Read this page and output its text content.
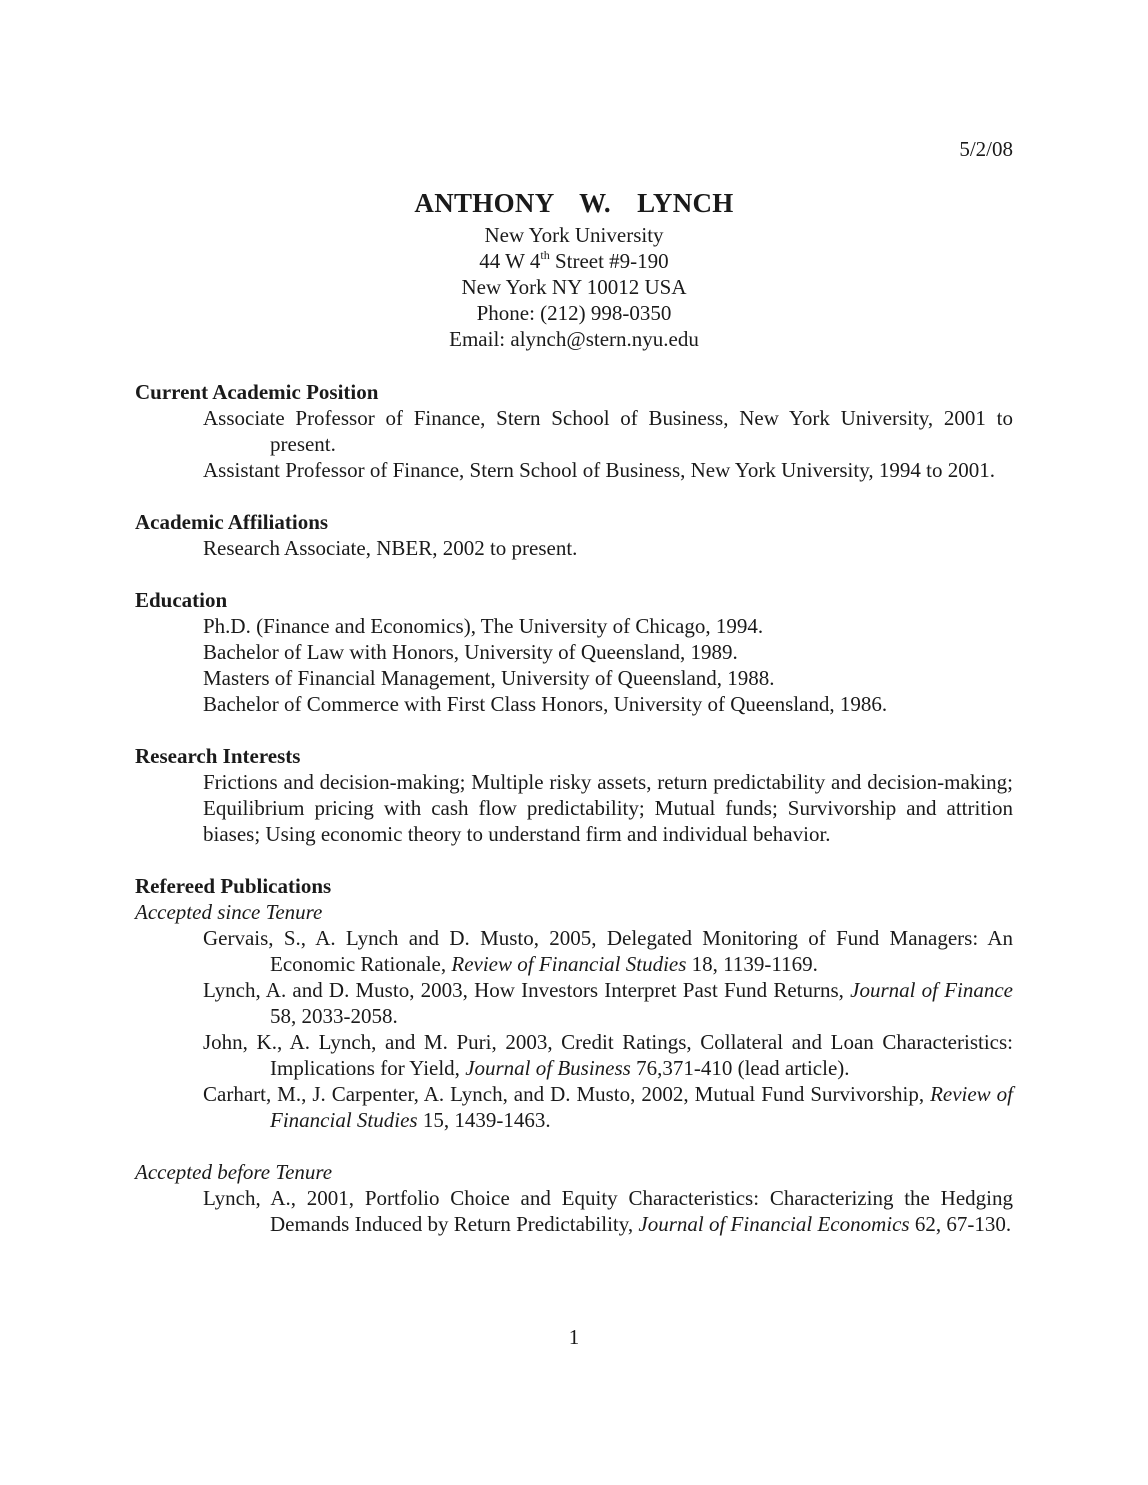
5/2/08

ANTHONY  W.  LYNCH

New York University

44 W 4th Street #9-190

New York NY 10012 USA

Phone: (212) 998-0350

Email: alynch@stern.nyu.edu

Current Academic Position

Associate Professor of Finance, Stern School of Business, New York University, 2001 to present.

Assistant Professor of Finance, Stern School of Business, New York University, 1994 to 2001.

Academic Affiliations

Research Associate, NBER, 2002 to present.

Education

Ph.D. (Finance and Economics), The University of Chicago, 1994.

Bachelor of Law with Honors, University of Queensland, 1989.

Masters of Financial Management, University of Queensland, 1988.

Bachelor of Commerce with First Class Honors, University of Queensland, 1986.

Research Interests

Frictions and decision-making; Multiple risky assets, return predictability and decision-making; Equilibrium pricing with cash flow predictability; Mutual funds; Survivorship and attrition biases; Using economic theory to understand firm and individual behavior.

Refereed Publications

Accepted since Tenure

Gervais, S., A. Lynch and D. Musto, 2005, Delegated Monitoring of Fund Managers: An Economic Rationale, Review of Financial Studies 18, 1139-1169.

Lynch, A. and D. Musto, 2003, How Investors Interpret Past Fund Returns, Journal of Finance 58, 2033-2058.

John, K., A. Lynch, and M. Puri, 2003, Credit Ratings, Collateral and Loan Characteristics: Implications for Yield, Journal of Business 76,371-410 (lead article).

Carhart, M., J. Carpenter, A. Lynch, and D. Musto, 2002, Mutual Fund Survivorship, Review of Financial Studies 15, 1439-1463.

Accepted before Tenure

Lynch, A., 2001, Portfolio Choice and Equity Characteristics: Characterizing the Hedging Demands Induced by Return Predictability, Journal of Financial Economics 62, 67-130.

1
